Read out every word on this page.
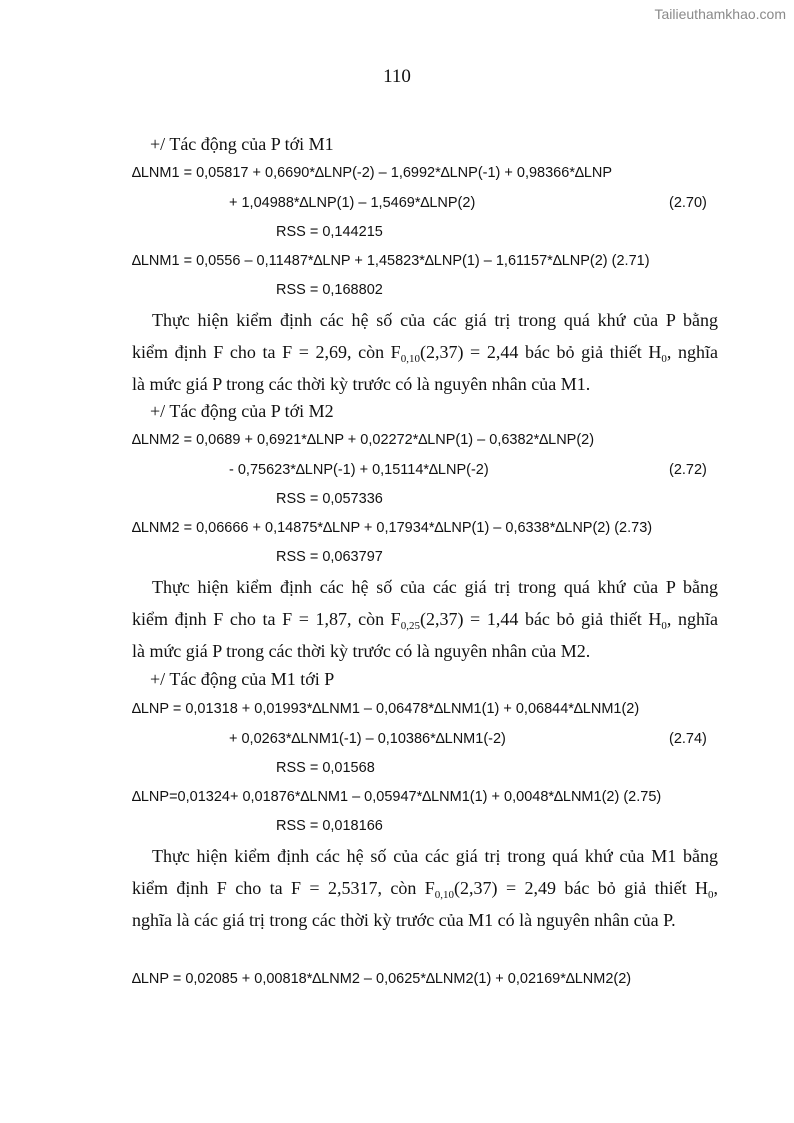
Tailieuthamkhao.com
110
+/ Tác động của P tới M1
∆LNM1 = 0,05817 + 0,6690*∆LNP(-2) – 1,6992*∆LNP(-1) + 0,98366*∆LNP
+ 1,04988*∆LNP(1) – 1,5469*∆LNP(2)	(2.70)
RSS = 0,144215
∆LNM1 = 0,0556 – 0,11487*∆LNP + 1,45823*∆LNP(1) – 1,61157*∆LNP(2) (2.71)
RSS = 0,168802
Thực hiện kiểm định các hệ số của các giá trị trong quá khứ của P bằng
kiểm định F cho ta F = 2,69, còn $F_{0,10}(2,37) = 2,44$ bác bỏ giả thiết $H_0$, nghĩa
là mức giá P trong các thời kỳ trước có là nguyên nhân của M1.
+/ Tác động của P tới M2
∆LNM2 = 0,0689 + 0,6921*∆LNP + 0,02272*∆LNP(1) – 0,6382*∆LNP(2)
- 0,75623*∆LNP(-1) + 0,15114*∆LNP(-2)	(2.72)
RSS = 0,057336
∆LNM2 = 0,06666 + 0,14875*∆LNP + 0,17934*∆LNP(1) – 0,6338*∆LNP(2) (2.73)
RSS = 0,063797
Thực hiện kiểm định các hệ số của các giá trị trong quá khứ của P bằng
kiểm định F cho ta F = 1,87, còn $F_{0,25}(2,37) = 1,44$ bác bỏ giả thiết $H_0$, nghĩa
là mức giá P trong các thời kỳ trước có là nguyên nhân của M2.
+/ Tác động của M1 tới P
∆LNP = 0,01318 + 0,01993*∆LNM1 – 0,06478*∆LNM1(1) + 0,06844*∆LNM1(2)
+ 0,0263*∆LNM1(-1) – 0,10386*∆LNM1(-2)	(2.74)
RSS = 0,01568
∆LNP=0,01324+ 0,01876*∆LNM1 – 0,05947*∆LNM1(1) + 0,0048*∆LNM1(2) (2.75)
RSS = 0,018166
Thực hiện kiểm định các hệ số của các giá trị trong quá khứ của M1 bằng
kiểm định F cho ta F = 2,5317, còn $F_{0,10}(2,37) = 2,49$ bác bỏ giả thiết $H_0$,
nghĩa là các giá trị trong các thời kỳ trước của M1 có là nguyên nhân của P.
∆LNP = 0,02085 + 0,00818*∆LNM2 – 0,0625*∆LNM2(1) + 0,02169*∆LNM2(2)
